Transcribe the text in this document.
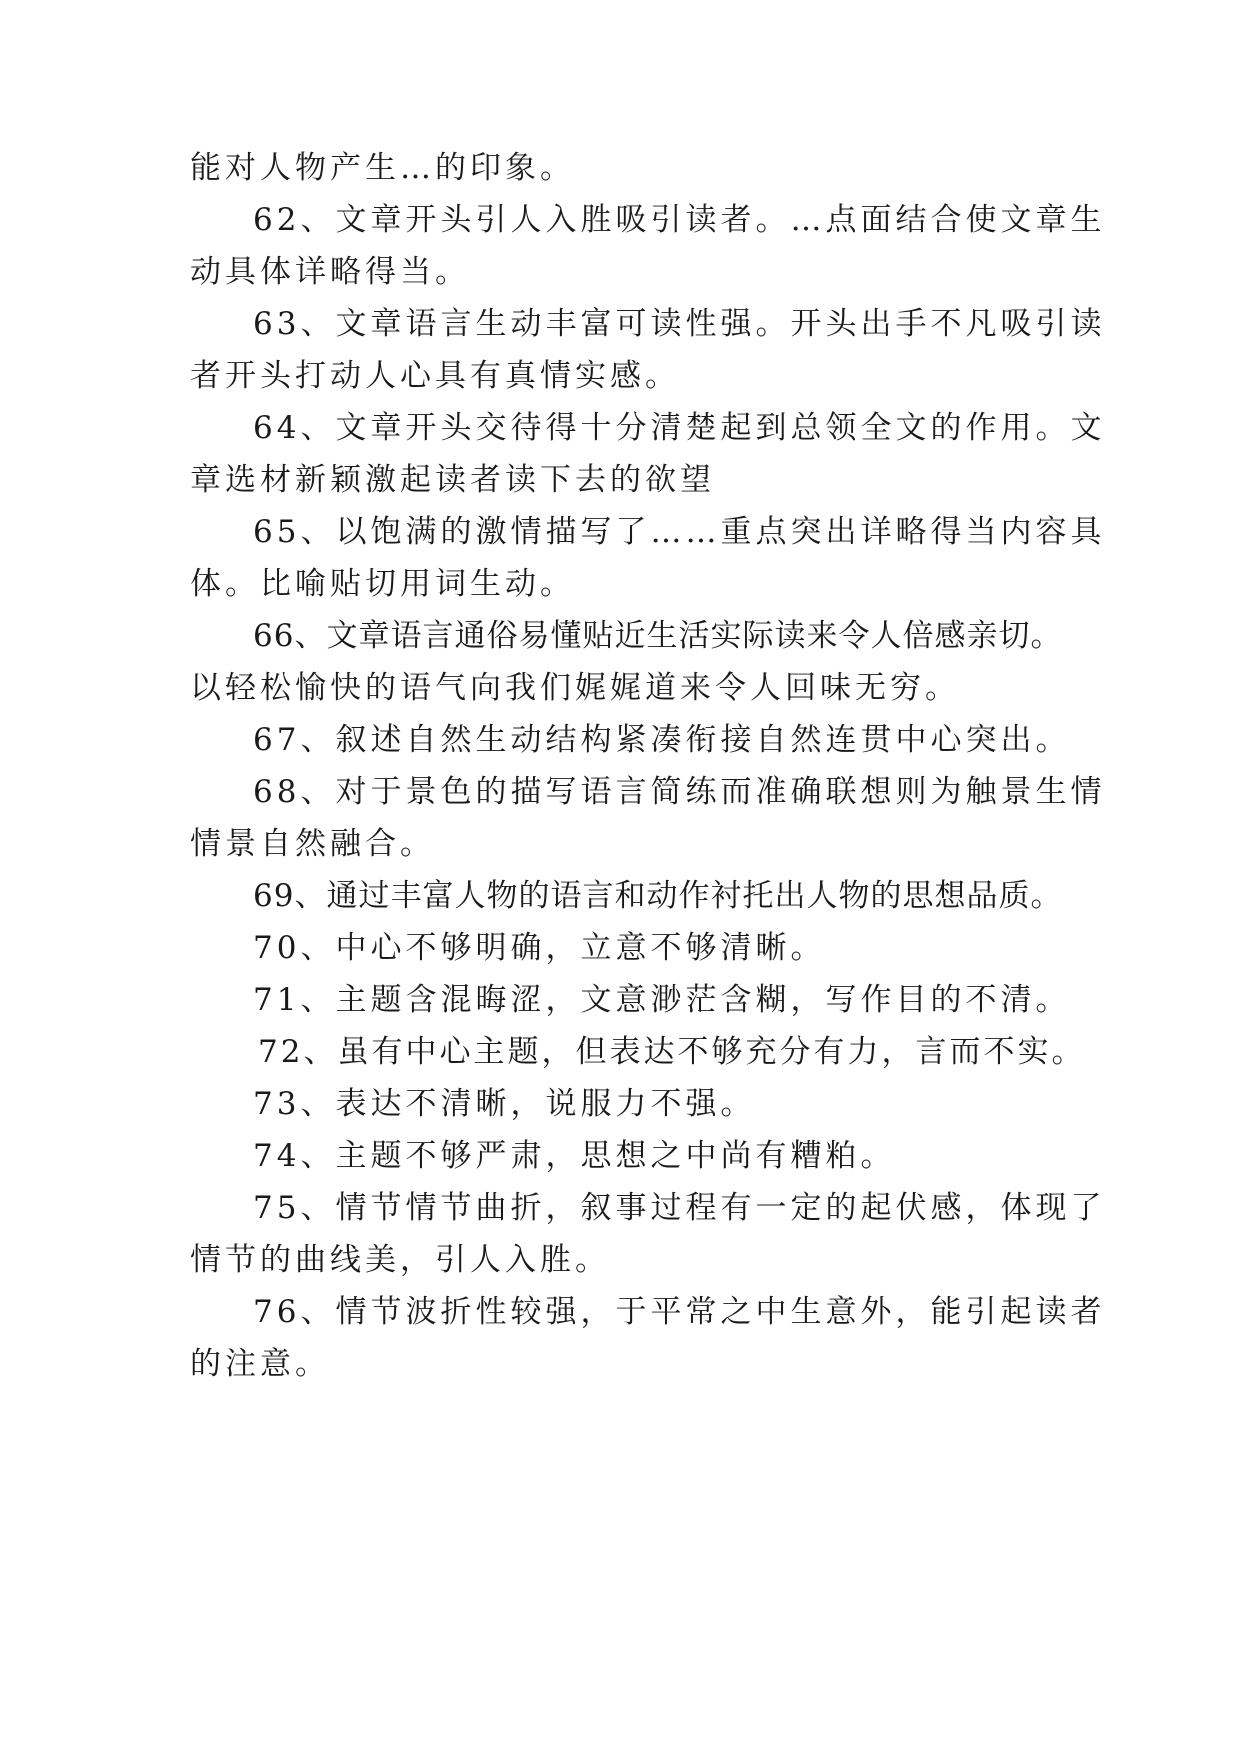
能对人物产生…的印象。
62、文章开头引人入胜吸引读者。…点面结合使文章生
动具体详略得当。
63、文章语言生动丰富可读性强。开头出手不凡吸引读
者开头打动人心具有真情实感。
64、文章开头交待得十分清楚起到总领全文的作用。文
章选材新颖激起读者读下去的欲望
65、以饱满的激情描写了……重点突出详略得当内容具
体。比喻贴切用词生动。
66、文章语言通俗易懂贴近生活实际读来令人倍感亲切。
以轻松愉快的语气向我们娓娓道来令人回味无穷。
67、叙述自然生动结构紧凑衔接自然连贯中心突出。
68、对于景色的描写语言简练而准确联想则为触景生情
情景自然融合。
69、通过丰富人物的语言和动作衬托出人物的思想品质。
70、中心不够明确，立意不够清晰。
71、主题含混晦涩，文意渺茫含糊，写作目的不清。
72、虽有中心主题，但表达不够充分有力，言而不实。
73、表达不清晰，说服力不强。
74、主题不够严肃，思想之中尚有糟粕。
75、情节情节曲折，叙事过程有一定的起伏感，体现了
情节的曲线美，引人入胜。
76、情节波折性较强，于平常之中生意外，能引起读者
的注意。
